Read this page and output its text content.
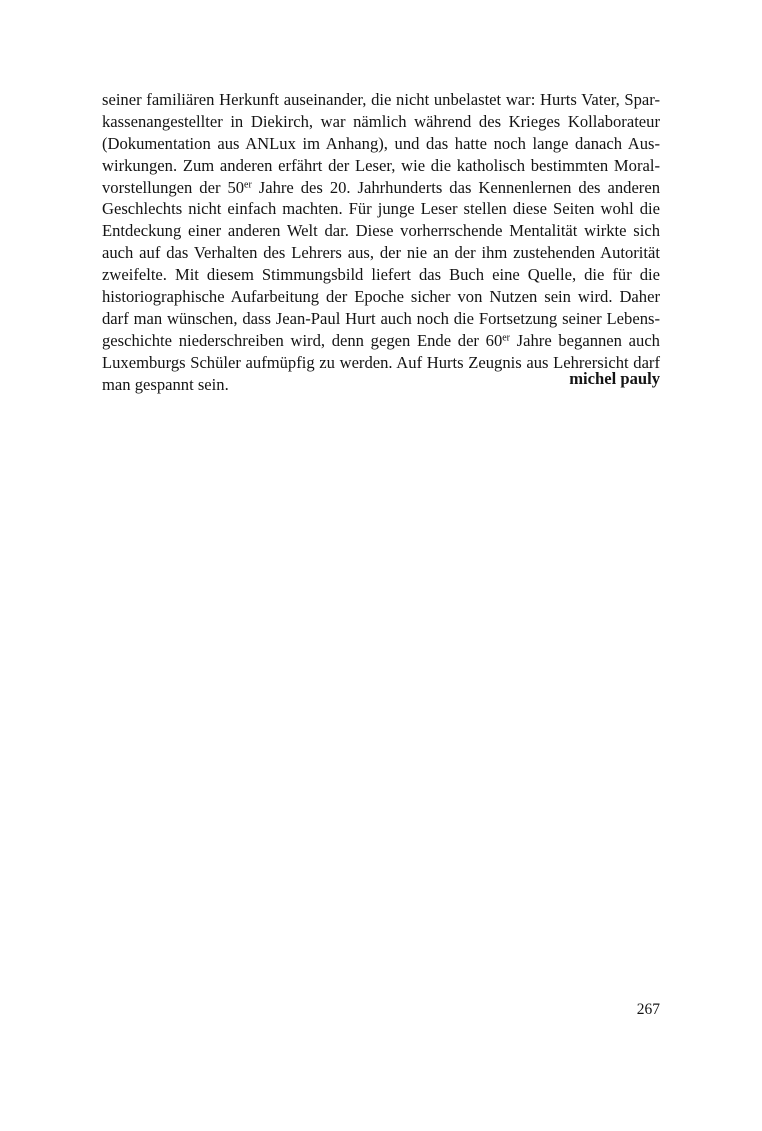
seiner familiären Herkunft auseinander, die nicht unbelastet war: Hurts Vater, Spar-
kassenangestellter in Diekirch, war nämlich während des Krieges Kollaborateur
(Dokumentation aus ANLux im Anhang), und das hatte noch lange danach Aus-
wirkungen. Zum anderen erfährt der Leser, wie die katholisch bestimmten Moral-
vorstellungen der 50er Jahre des 20. Jahrhunderts das Kennenlernen des anderen
Geschlechts nicht einfach machten. Für junge Leser stellen diese Seiten wohl die
Entdeckung einer anderen Welt dar. Diese vorherrschende Mentalität wirkte sich
auch auf das Verhalten des Lehrers aus, der nie an der ihm zustehenden Autorität
zweifelte. Mit diesem Stimmungsbild liefert das Buch eine Quelle, die für die
historiographische Aufarbeitung der Epoche sicher von Nutzen sein wird. Daher
darf man wünschen, dass Jean-Paul Hurt auch noch die Fortsetzung seiner Lebens-
geschichte niederschreiben wird, denn gegen Ende der 60er Jahre begannen auch
Luxemburgs Schüler aufmüpfig zu werden. Auf Hurts Zeugnis aus Lehrersicht darf
man gespannt sein.	michel pauly
267
